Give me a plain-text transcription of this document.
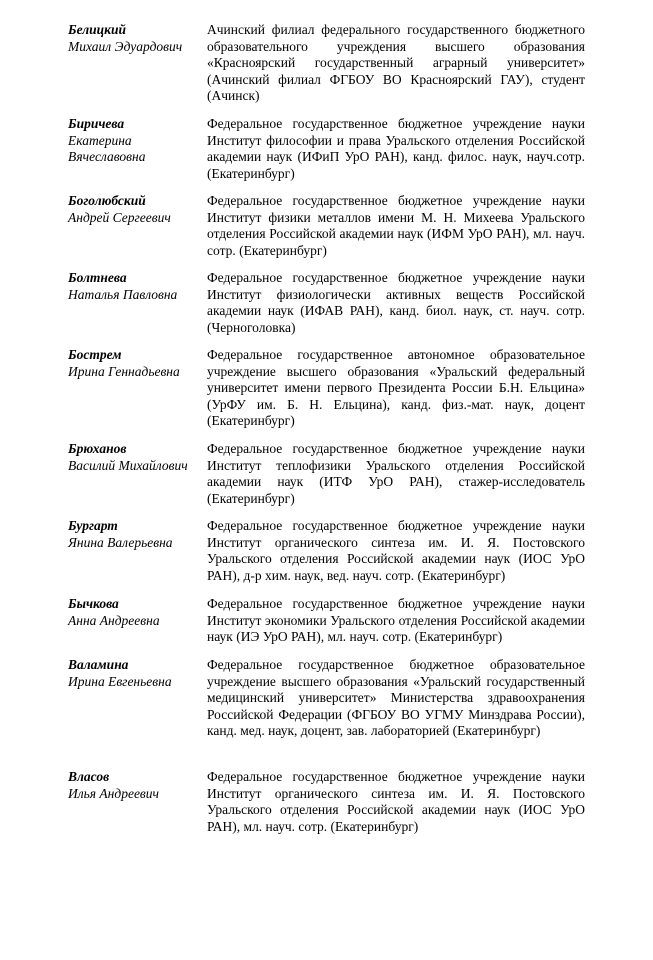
Белицкий
Михаил Эдуардович
Ачинский филиал федерального государственного бюджетного образовательного учреждения высшего образования «Красноярский государственный аграрный университет» (Ачинский филиал ФГБОУ ВО Красноярский ГАУ), студент (Ачинск)
Биричева
Екатерина Вячеславовна
Федеральное государственное бюджетное учреждение науки Институт философии и права Уральского отделения Российской академии наук (ИФиП УрО РАН), канд. филос. наук, науч.сотр. (Екатеринбург)
Боголюбский
Андрей Сергеевич
Федеральное государственное бюджетное учреждение науки Институт физики металлов имени М. Н. Михеева Уральского отделения Российской академии наук (ИФМ УрО РАН), мл. науч. сотр. (Екатеринбург)
Болтнева
Наталья Павловна
Федеральное государственное бюджетное учреждение науки Институт физиологически активных веществ Российской академии наук (ИФАВ РАН), канд. биол. наук, ст. науч. сотр. (Черноголовка)
Бострем
Ирина Геннадьевна
Федеральное государственное автономное образовательное учреждение высшего образования «Уральский федеральный университет имени первого Президента России Б.Н. Ельцина» (УрФУ им. Б. Н. Ельцина), канд. физ.-мат. наук, доцент (Екатеринбург)
Брюханов
Василий Михайлович
Федеральное государственное бюджетное учреждение науки Институт теплофизики Уральского отделения Российской академии наук (ИТФ УрО РАН), стажер-исследователь (Екатеринбург)
Бургарт
Янина Валерьевна
Федеральное государственное бюджетное учреждение науки Институт органического синтеза им. И. Я. Постовского Уральского отделения Российской академии наук (ИОС УрО РАН), д-р хим. наук, вед. науч. сотр. (Екатеринбург)
Бычкова
Анна Андреевна
Федеральное государственное бюджетное учреждение науки Институт экономики Уральского отделения Российской академии наук (ИЭ УрО РАН), мл. науч. сотр. (Екатеринбург)
Валамина
Ирина Евгеньевна
Федеральное государственное бюджетное образовательное учреждение высшего образования «Уральский государственный медицинский университет» Министерства здравоохранения Российской Федерации (ФГБОУ ВО УГМУ Минздрава России), канд. мед. наук, доцент, зав. лабораторией (Екатеринбург)
Власов
Илья Андреевич
Федеральное государственное бюджетное учреждение науки Институт органического синтеза им. И. Я. Постовского Уральского отделения Российской академии наук (ИОС УрО РАН), мл. науч. сотр. (Екатеринбург)
